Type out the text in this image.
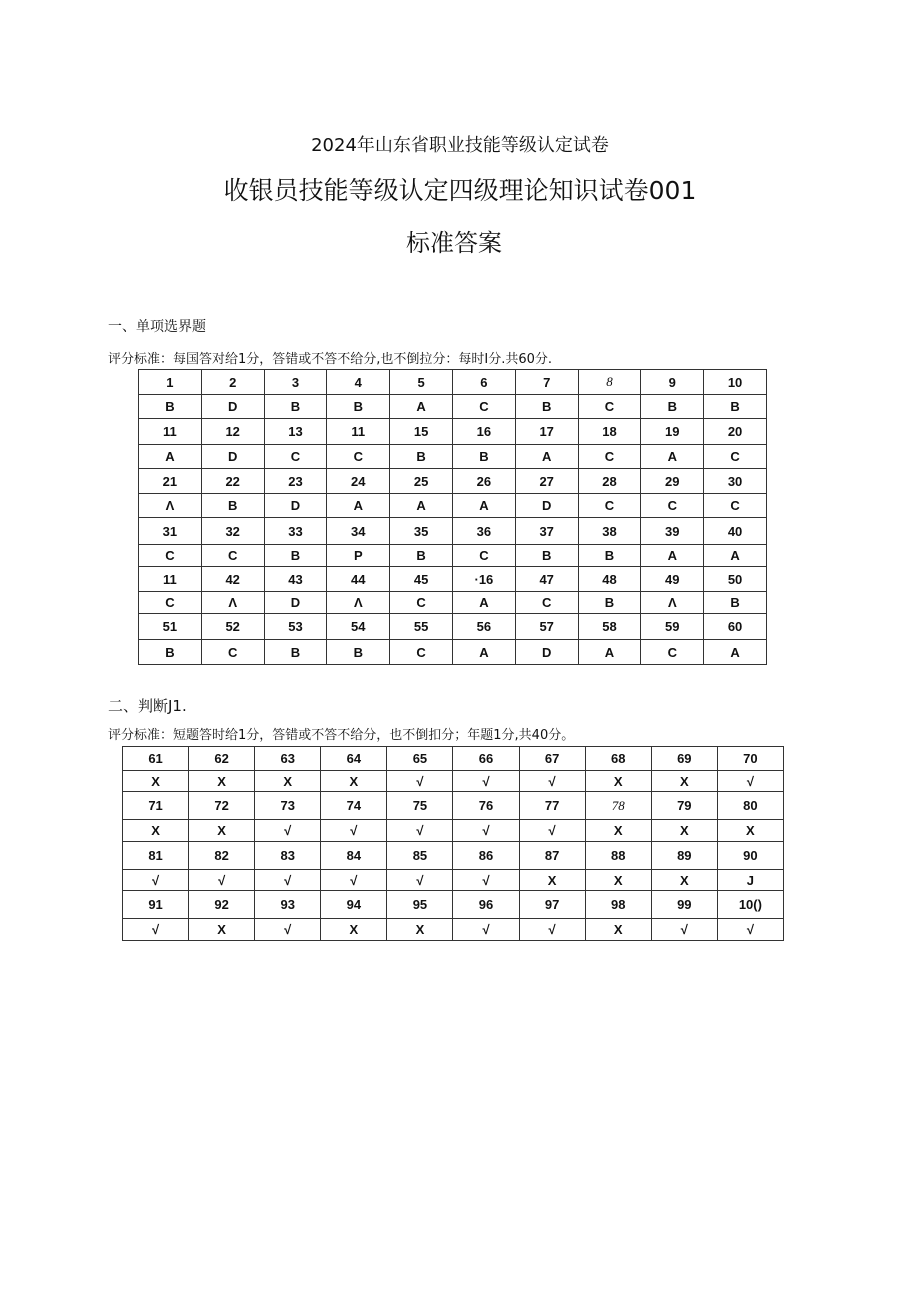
2024年山东省职业技能等级认定试卷
收银员技能等级认定四级理论知识试卷001
标准答案
一、单项选界题
评分标准：每国答对给1分，答错或不答不给分,也不倒拉分：每时I分.共60分.
1	2	3	4	5	6	7	8	9	10
B	D	B	B	A	C	B	C	B	B
11	12	13	11	15	16	17	18	19	20
A	D	C	C	B	B	A	C	A	C
21	22	23	24	25	26	27	28	29	30
Λ	B	D	A	A	A	D	C	C	C
31	32	33	34	35	36	37	38	39	40
C	C	B	P	B	C	B	B	A	A
11	42	43	44	45	·16	47	48	49	50
C	Λ	D	Λ	C	A	C	B	Λ	B
51	52	53	54	55	56	57	58	59	60
B	C	B	B	C	A	D	A	C	A
二、判断J1.
评分标准：短题答时给1分，答错或不答不给分，也不倒扣分；年题1分,共40分。
61	62	63	64	65	66	67	68	69	70
X	X	X	X	√	√	√	X	X	√
71	72	73	74	75	76	77	78	79	80
X	X	√	√	√	√	√	X	X	X
81	82	83	84	85	86	87	88	89	90
√	√	√	√	√	√	X	X	X	J
91	92	93	94	95	96	97	98	99	10()
√	X	√	X	X	√	√	X	√	√
